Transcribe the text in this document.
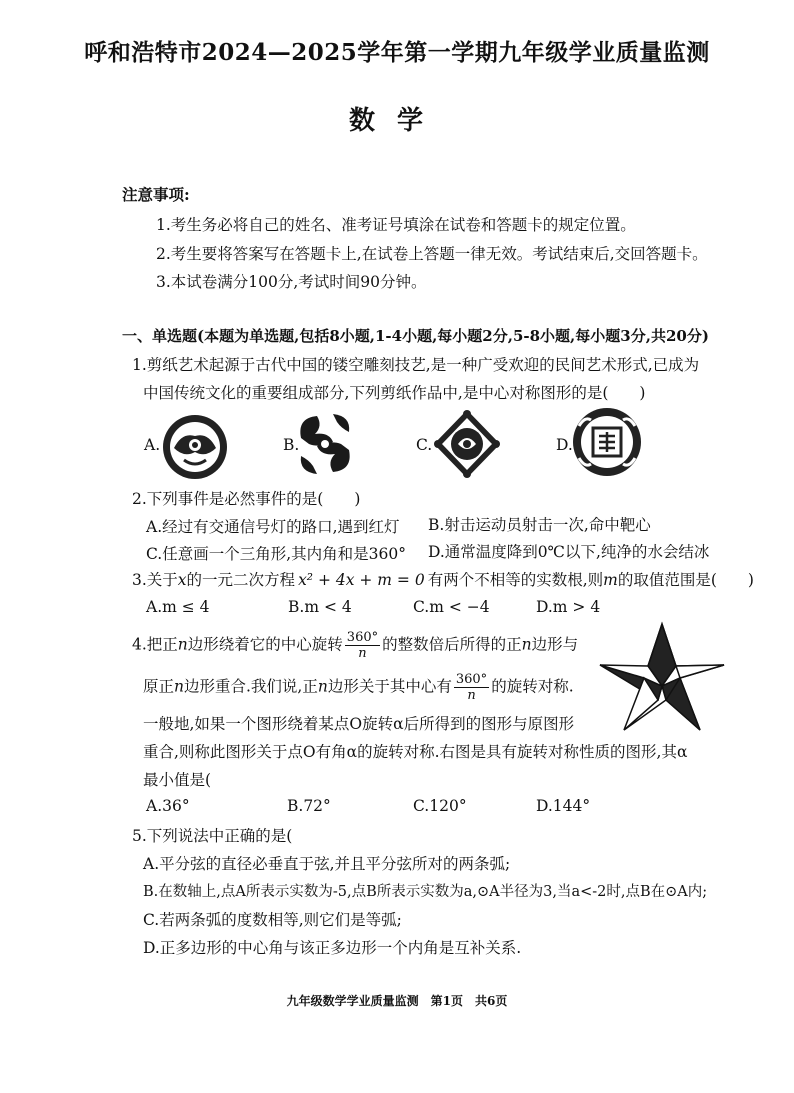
呼和浩特市2024—2025学年第一学期九年级学业质量监测
数学
注意事项:
1.考生务必将自己的姓名、准考证号填涂在试卷和答题卡的规定位置。
2.考生要将答案写在答题卡上,在试卷上答题一律无效。考试结束后,交回答题卡。
3.本试卷满分100分,考试时间90分钟。
一、单选题(本题为单选题,包括8小题,1-4小题,每小题2分,5-8小题,每小题3分,共20分)
1.剪纸艺术起源于古代中国的镂空雕刻技艺,是一种广受欢迎的民间艺术形式,已成为
中国传统文化的重要组成部分,下列剪纸作品中,是中心对称图形的是(　　)
A.	B.	C.	D.
2.下列事件是必然事件的是(　　)
A.经过有交通信号灯的路口,遇到红灯 B.射击运动员射击一次,命中靶心
C.任意画一个三角形,其内角和是360° D.通常温度降到0℃以下,纯净的水会结冰
3.关于x的一元二次方程 x² + 4x + m = 0 有两个不相等的实数根,则m的取值范围是(　　)
A.m ≤ 4	B.m < 4	C.m < −4	D.m > 4
4.把正n边形绕着它的中心旋转 $\frac{360^\circ}{n}$ 的整数倍后所得的正n边形与
原正n边形重合.我们说,正n边形关于其中心有 $\frac{360^\circ}{n}$ 的旋转对称.
一般地,如果一个图形绕着某点O旋转α后所得到的图形与原图形
重合,则称此图形关于点O有角α的旋转对称.右图是具有旋转对称性质的图形,其α
最小值是(
A.36°	B.72°	C.120°	D.144°
5.下列说法中正确的是(
A.平分弦的直径必垂直于弦,并且平分弦所对的两条弧;
B.在数轴上,点A所表示实数为-5,点B所表示实数为a,⊙A半径为3,当a<-2时,点B在⊙A内;
C.若两条弧的度数相等,则它们是等弧;
D.正多边形的中心角与该正多边形一个内角是互补关系.
九年级数学学业质量监测　第1页　共6页
